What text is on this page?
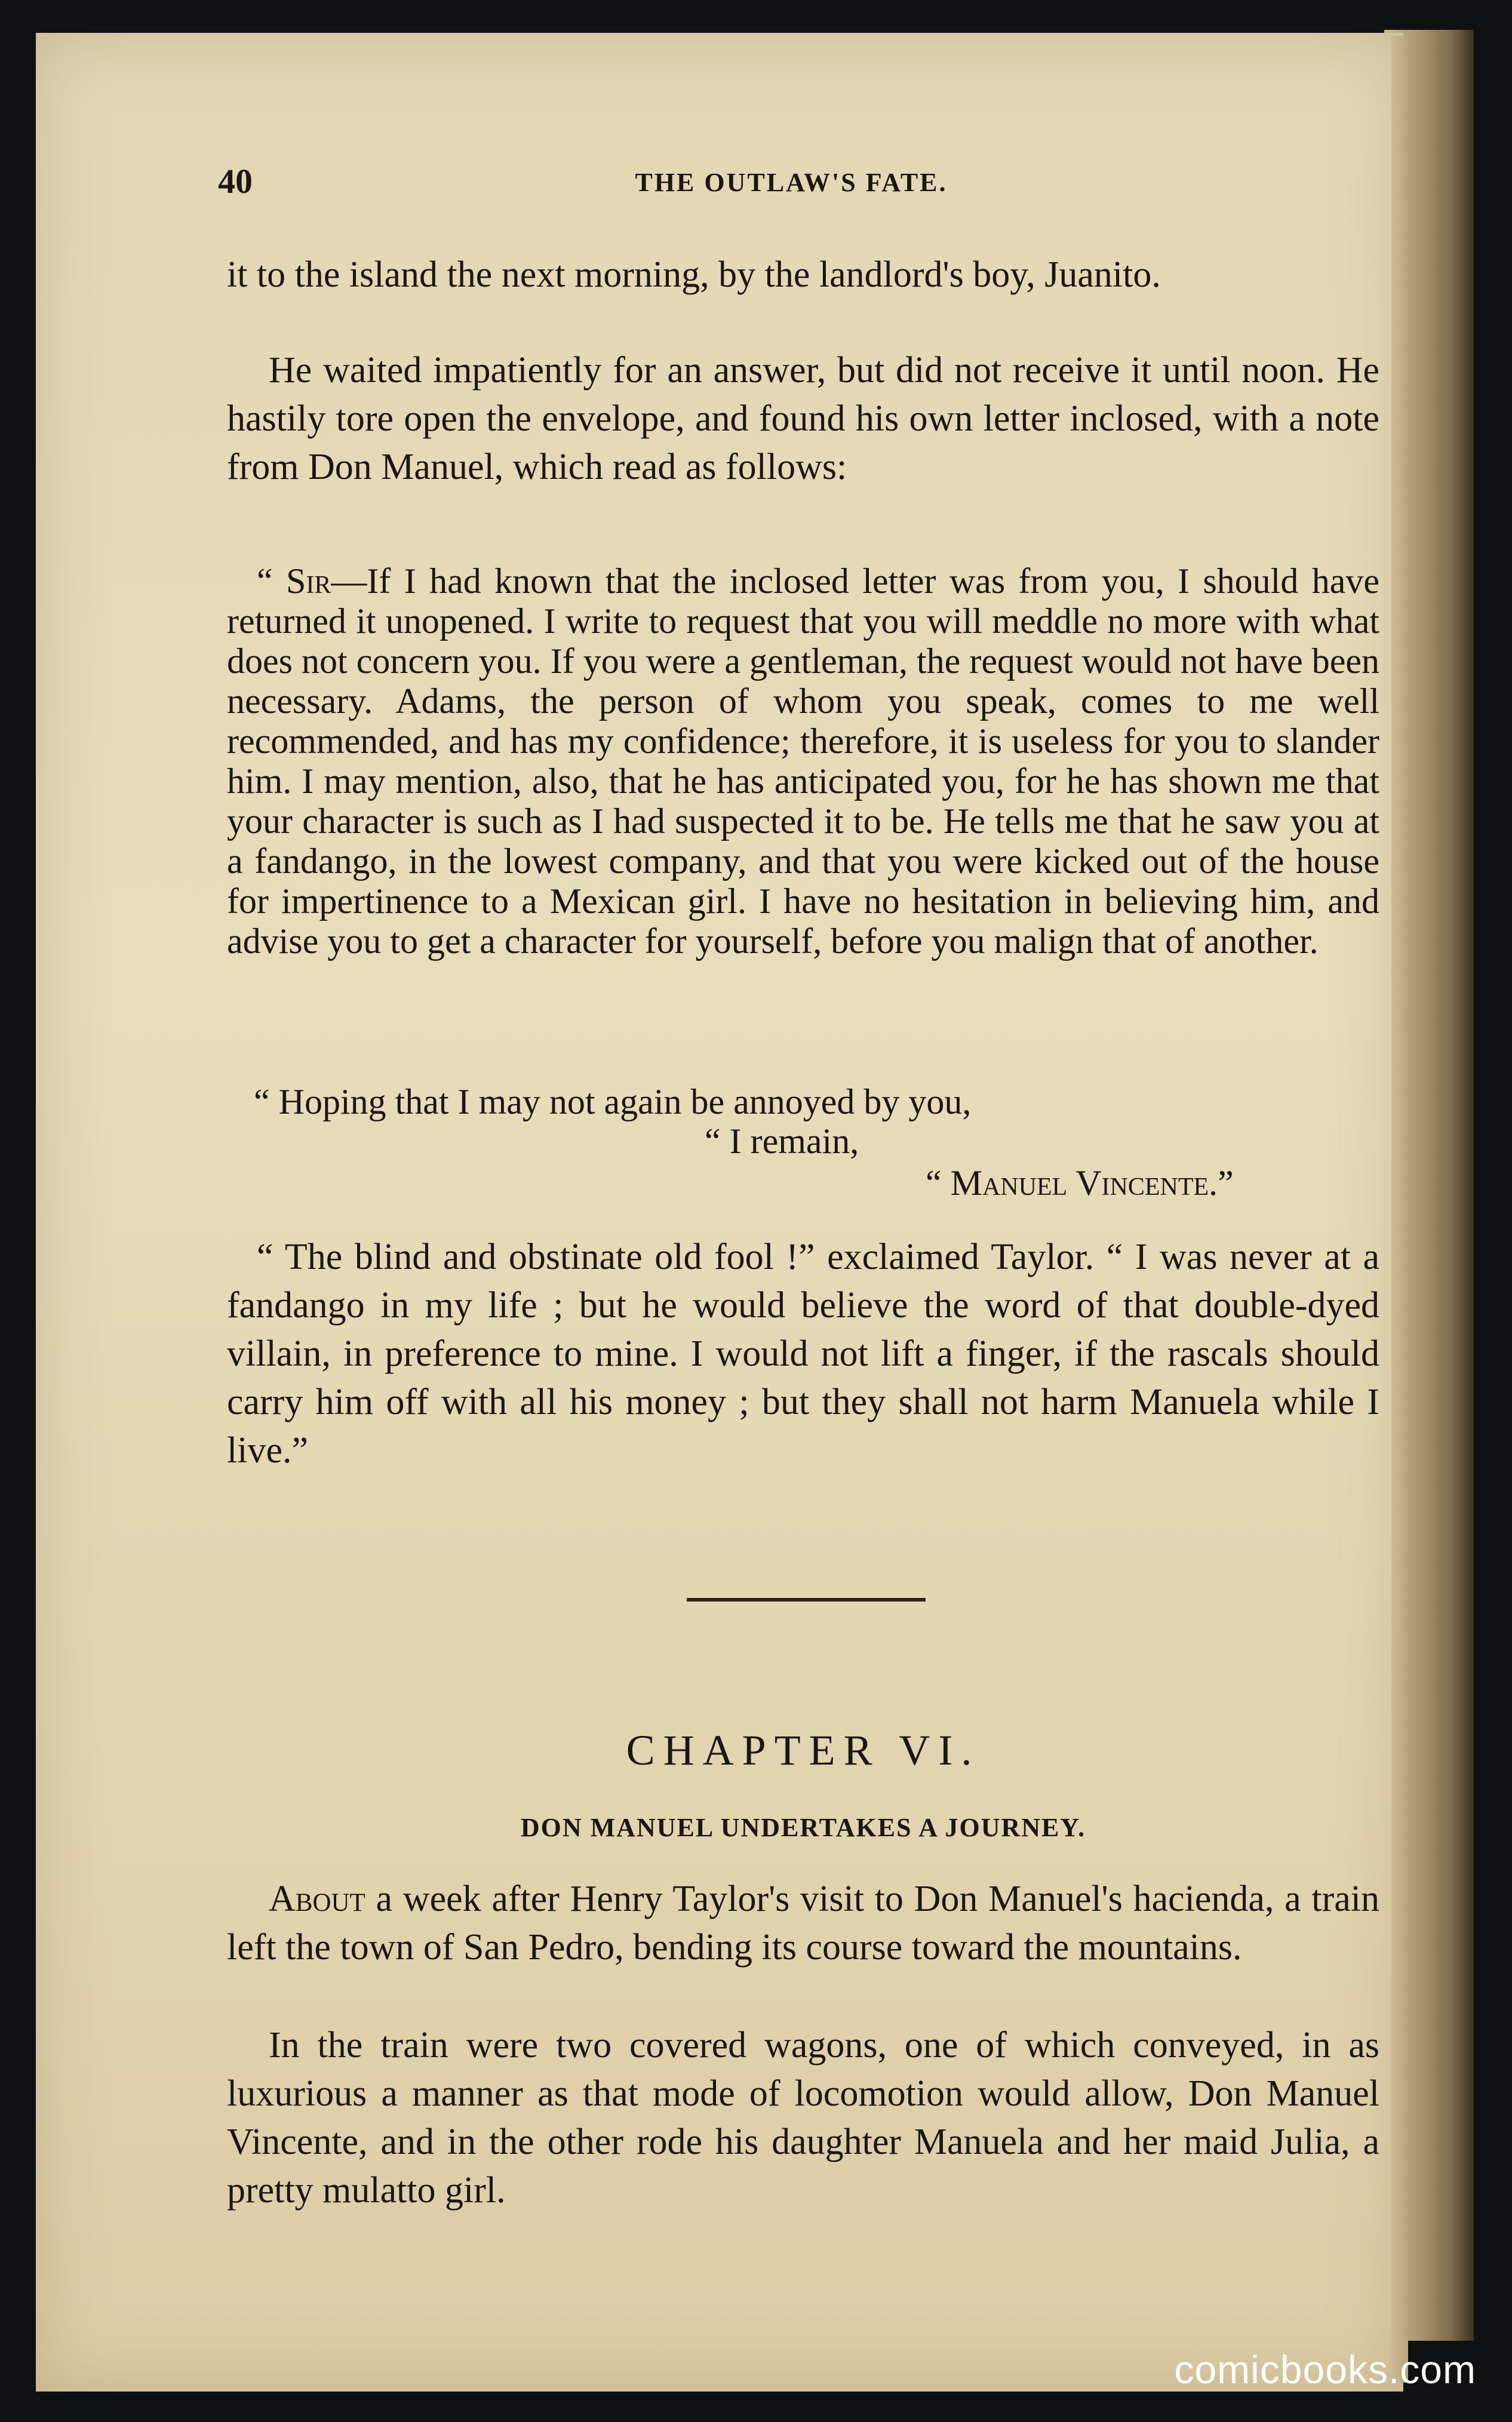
40	THE OUTLAW'S FATE.

it to the island the next morning, by the landlord's boy, Juanito.

He waited impatiently for an answer, but did not receive it until noon. He hastily tore open the envelope, and found his own letter inclosed, with a note from Don Manuel, which read as follows:

“ Sir—If I had known that the inclosed letter was from you, I should have returned it unopened. I write to request that you will meddle no more with what does not concern you. If you were a gentleman, the request would not have been necessary. Adams, the person of whom you speak, comes to me well recommended, and has my confidence; therefore, it is useless for you to slander him. I may mention, also, that he has anticipated you, for he has shown me that your character is such as I had suspected it to be. He tells me that he saw you at a fandango, in the lowest company, and that you were kicked out of the house for impertinence to a Mexican girl. I have no hesitation in believing him, and advise you to get a character for yourself, before you malign that of another.

“ Hoping that I may not again be annoyed by you,

“ I remain,

“ Manuel Vincente.”

“ The blind and obstinate old fool !” exclaimed Taylor. “ I was never at a fandango in my life ; but he would believe the word of that double-dyed villain, in preference to mine. I would not lift a finger, if the rascals should carry him off with all his money ; but they shall not harm Manuela while I live.”

CHAPTER VI.

DON MANUEL UNDERTAKES A JOURNEY.

About a week after Henry Taylor's visit to Don Manuel's hacienda, a train left the town of San Pedro, bending its course toward the mountains.

In the train were two covered wagons, one of which conveyed, in as luxurious a manner as that mode of locomotion would allow, Don Manuel Vincente, and in the other rode his daughter Manuela and her maid Julia, a pretty mulatto girl.

comicbooks.com
